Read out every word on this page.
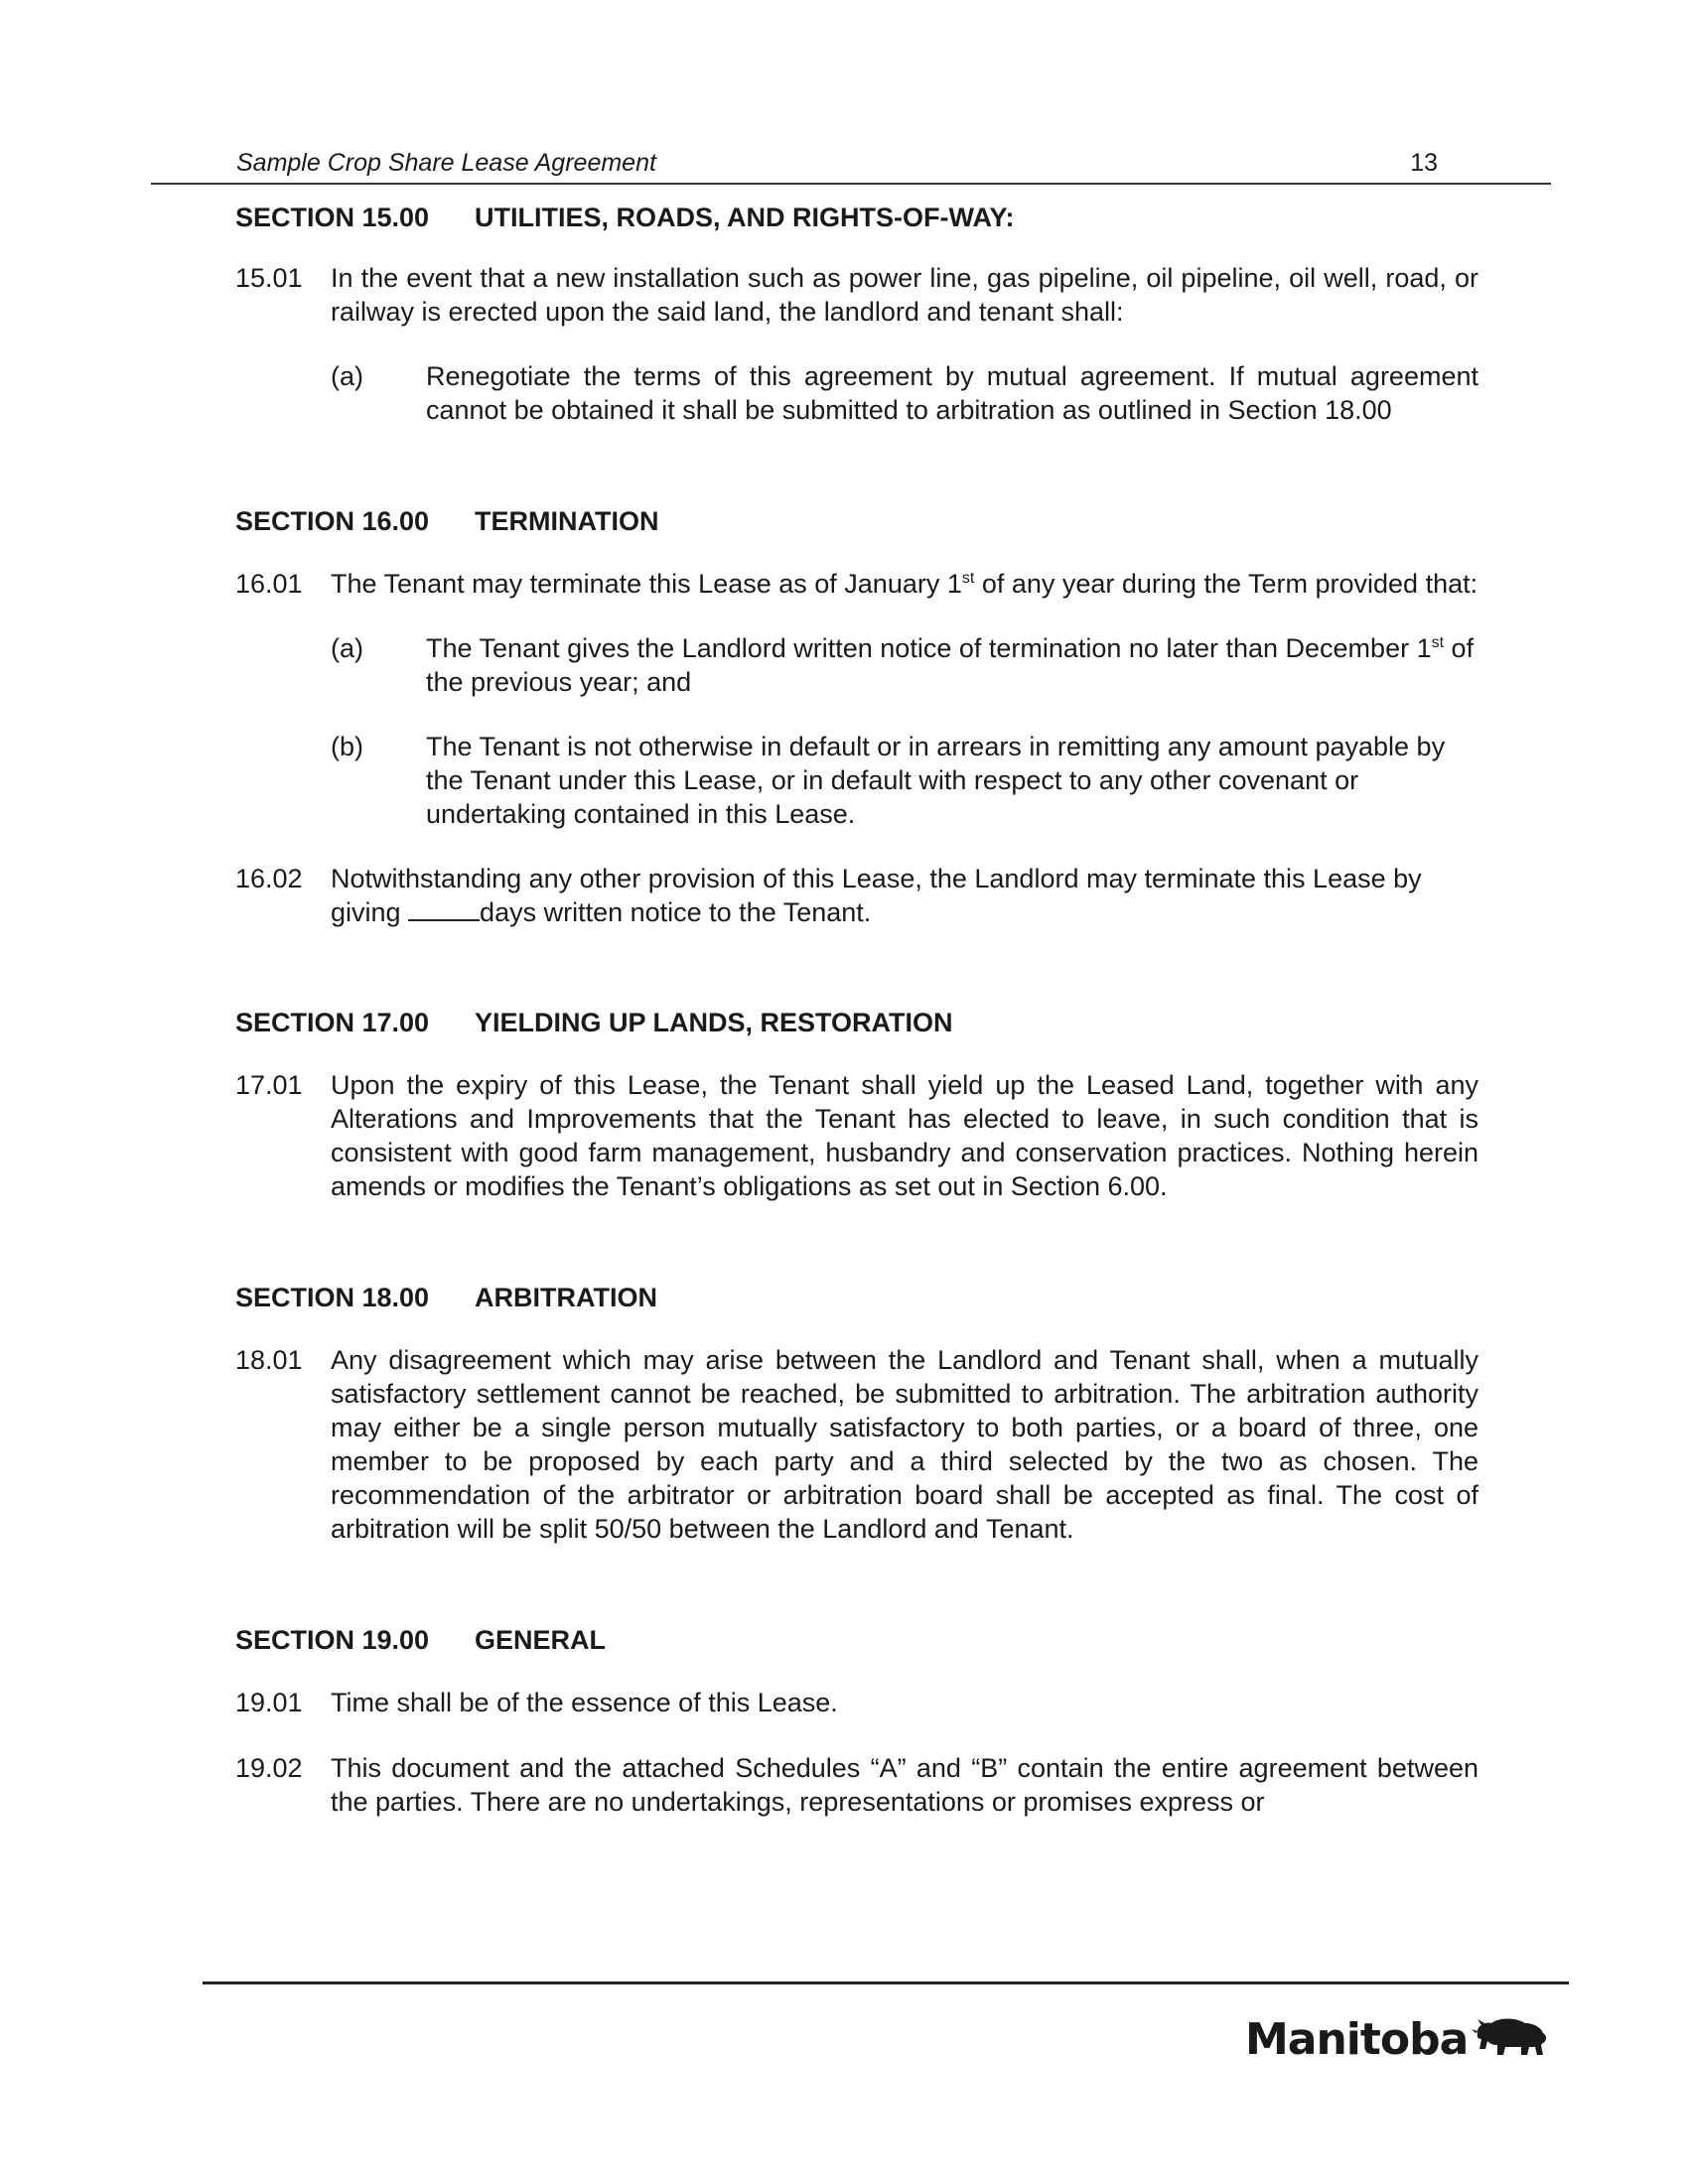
Sample Crop Share Lease Agreement	13
SECTION 15.00	UTILITIES, ROADS, AND RIGHTS-OF-WAY:
15.01	In the event that a new installation such as power line, gas pipeline, oil pipeline, oil well, road, or railway is erected upon the said land, the landlord and tenant shall:
(a)	Renegotiate the terms of this agreement by mutual agreement. If mutual agreement cannot be obtained it shall be submitted to arbitration as outlined in Section 18.00
SECTION 16.00	TERMINATION
16.01	The Tenant may terminate this Lease as of January 1st of any year during the Term provided that:
(a)	The Tenant gives the Landlord written notice of termination no later than December 1st of the previous year; and
(b)	The Tenant is not otherwise in default or in arrears in remitting any amount payable by the Tenant under this Lease, or in default with respect to any other covenant or undertaking contained in this Lease.
16.02	Notwithstanding any other provision of this Lease, the Landlord may terminate this Lease by giving	days written notice to the Tenant.
SECTION 17.00	YIELDING UP LANDS, RESTORATION
17.01	Upon the expiry of this Lease, the Tenant shall yield up the Leased Land, together with any Alterations and Improvements that the Tenant has elected to leave, in such condition that is consistent with good farm management, husbandry and conservation practices. Nothing herein amends or modifies the Tenant’s obligations as set out in Section 6.00.
SECTION 18.00	ARBITRATION
18.01	Any disagreement which may arise between the Landlord and Tenant shall, when a mutually satisfactory settlement cannot be reached, be submitted to arbitration. The arbitration authority may either be a single person mutually satisfactory to both parties, or a board of three, one member to be proposed by each party and a third selected by the two as chosen. The recommendation of the arbitrator or arbitration board shall be accepted as final. The cost of arbitration will be split 50/50 between the Landlord and Tenant.
SECTION 19.00	GENERAL
19.01	Time shall be of the essence of this Lease.
19.02	This document and the attached Schedules “A” and “B” contain the entire agreement between the parties. There are no undertakings, representations or promises express or
Manitoba
